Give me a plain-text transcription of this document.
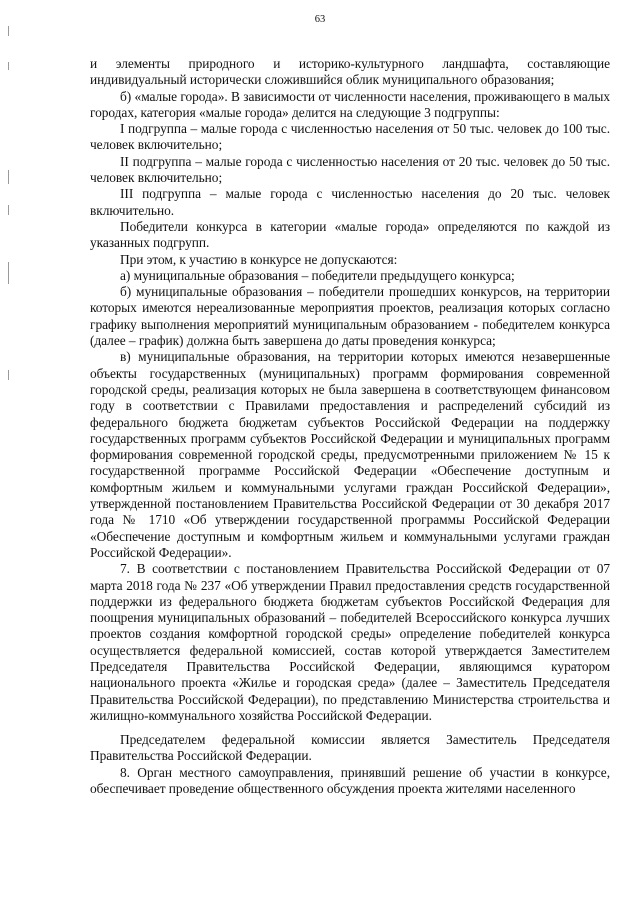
63

и элементы природного и историко-культурного ландшафта, составляющие индивидуальный исторически сложившийся облик муниципального образования;

б) «малые города». В зависимости от численности населения, проживающего в малых городах, категория «малые города» делится на следующие 3 подгруппы:

I подгруппа – малые города с численностью населения от 50 тыс. человек до 100 тыс. человек включительно;

II подгруппа – малые города с численностью населения от 20 тыс. человек до 50 тыс. человек включительно;

III подгруппа – малые города с численностью населения до 20 тыс. человек включительно.

Победители конкурса в категории «малые города» определяются по каждой из указанных подгрупп.

При этом, к участию в конкурсе не допускаются:

а) муниципальные образования – победители предыдущего конкурса;

б) муниципальные образования – победители прошедших конкурсов, на территории которых имеются нереализованные мероприятия проектов, реализация которых согласно графику выполнения мероприятий муниципальным образованием - победителем конкурса (далее – график) должна быть завершена до даты проведения конкурса;

в) муниципальные образования, на территории которых имеются незавершенные объекты государственных (муниципальных) программ формирования современной городской среды, реализация которых не была завершена в соответствующем финансовом году в соответствии с Правилами предоставления и распределений субсидий из федерального бюджета бюджетам субъектов Российской Федерации на поддержку государственных программ субъектов Российской Федерации и муниципальных программ формирования современной городской среды, предусмотренными приложением № 15 к государственной программе Российской Федерации «Обеспечение доступным и комфортным жильем и коммунальными услугами граждан Российской Федерации», утвержденной постановлением Правительства Российской Федерации от 30 декабря 2017 года № 1710 «Об утверждении государственной программы Российской Федерации «Обеспечение доступным и комфортным жильем и коммунальными услугами граждан Российской Федерации».

7. В соответствии с постановлением Правительства Российской Федерации от 07 марта 2018 года № 237 «Об утверждении Правил предоставления средств государственной поддержки из федерального бюджета бюджетам субъектов Российской Федерация для поощрения муниципальных образований – победителей Всероссийского конкурса лучших проектов создания комфортной городской среды» определение победителей конкурса осуществляется федеральной комиссией, состав которой утверждается Заместителем Председателя Правительства Российской Федерации, являющимся куратором национального проекта «Жилье и городская среда» (далее – Заместитель Председателя Правительства Российской Федерации), по представлению Министерства строительства и жилищно-коммунального хозяйства Российской Федерации.

Председателем федеральной комиссии является Заместитель Председателя Правительства Российской Федерации.

8. Орган местного самоуправления, принявший решение об участии в конкурсе, обеспечивает проведение общественного обсуждения проекта жителями населенного
